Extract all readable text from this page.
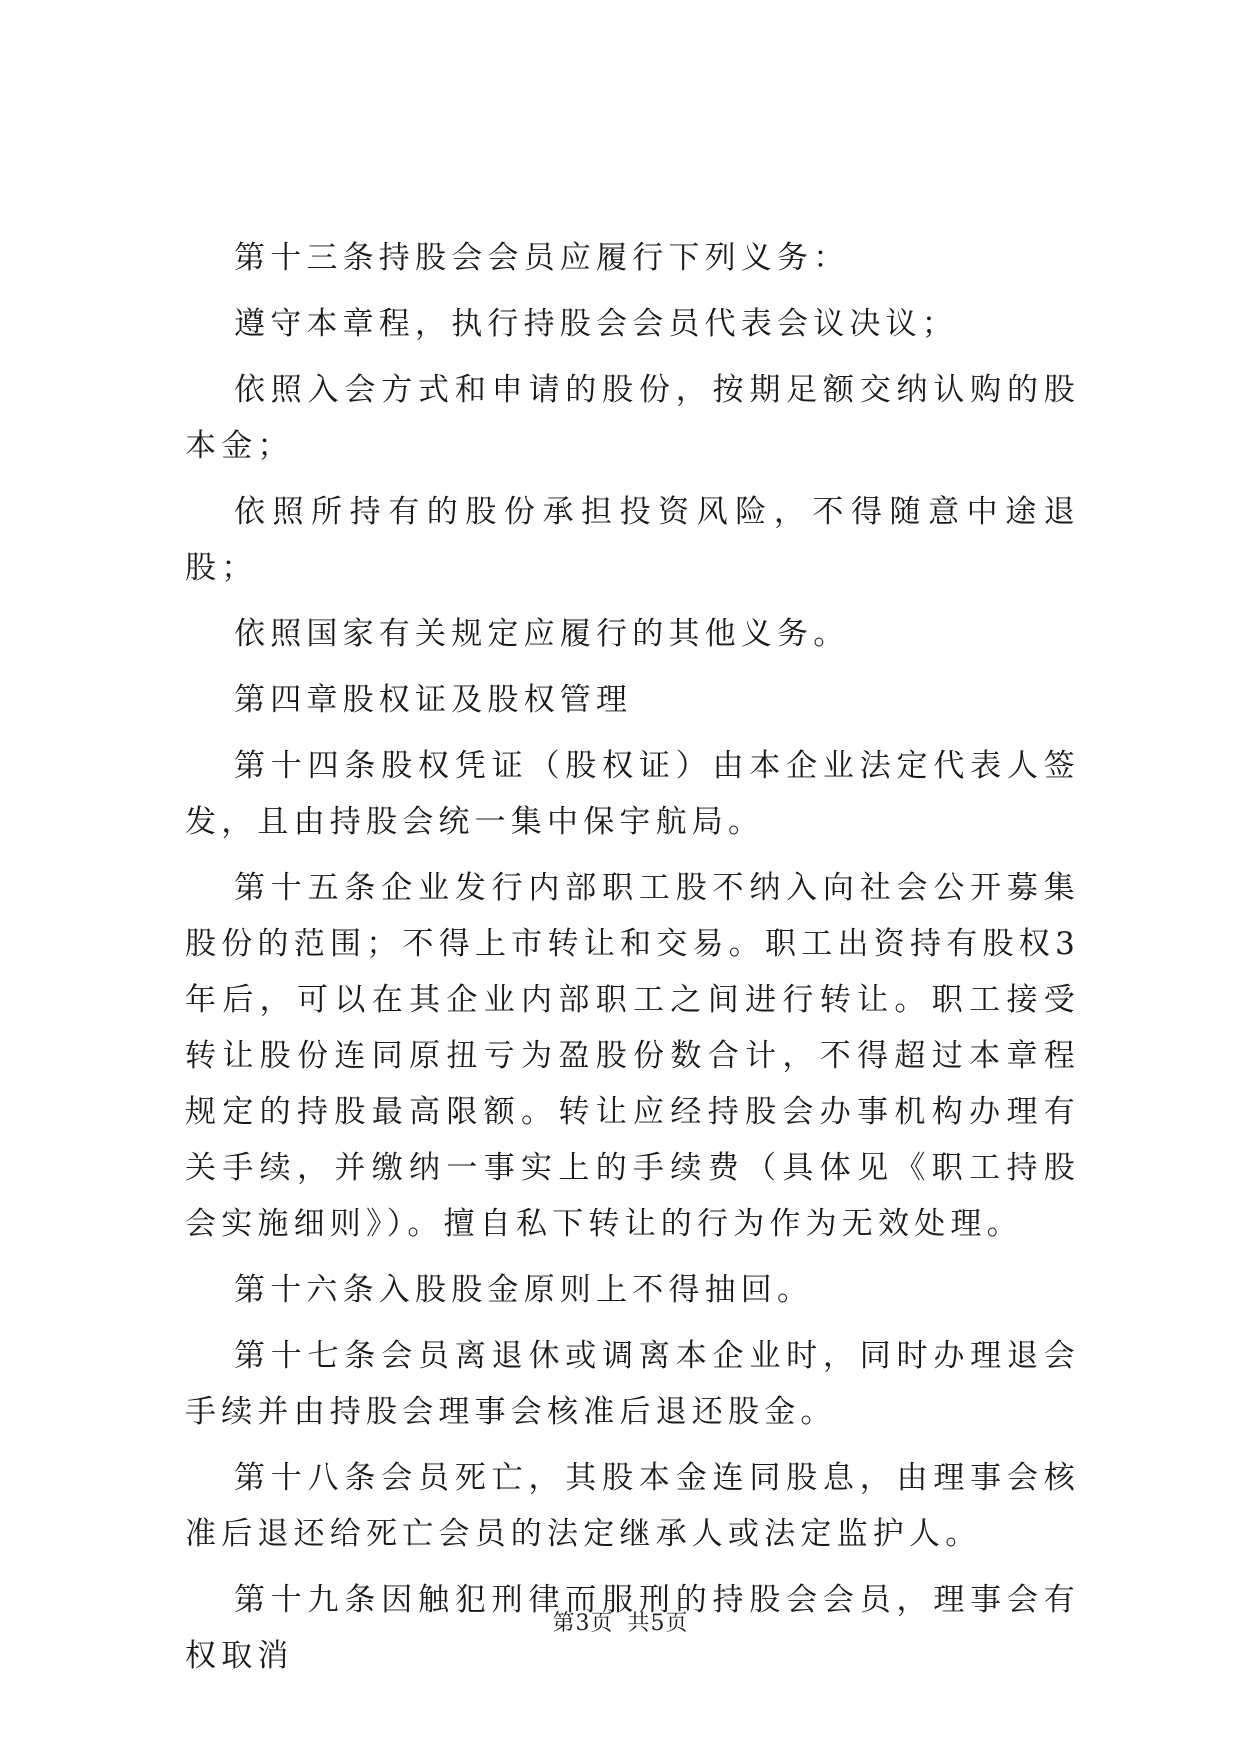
第十三条持股会会员应履行下列义务：

遵守本章程，执行持股会会员代表会议决议；

依照入会方式和申请的股份，按期足额交纳认购的股本金；

依照所持有的股份承担投资风险，不得随意中途退股；

依照国家有关规定应履行的其他义务。

第四章股权证及股权管理

第十四条股权凭证（股权证）由本企业法定代表人签发，且由持股会统一集中保宇航局。

第十五条企业发行内部职工股不纳入向社会公开募集股份的范围；不得上市转让和交易。职工出资持有股权3年后，可以在其企业内部职工之间进行转让。职工接受转让股份连同原扭亏为盈股份数合计，不得超过本章程规定的持股最高限额。转让应经持股会办事机构办理有关手续，并缴纳一事实上的手续费（具体见《职工持股会实施细则》）。擅自私下转让的行为作为无效处理。

第十六条入股股金原则上不得抽回。

第十七条会员离退休或调离本企业时，同时办理退会手续并由持股会理事会核准后退还股金。

第十八条会员死亡，其股本金连同股息，由理事会核准后退还给死亡会员的法定继承人或法定监护人。

第十九条因触犯刑律而服刑的持股会会员，理事会有权取消

第3页 共5页
